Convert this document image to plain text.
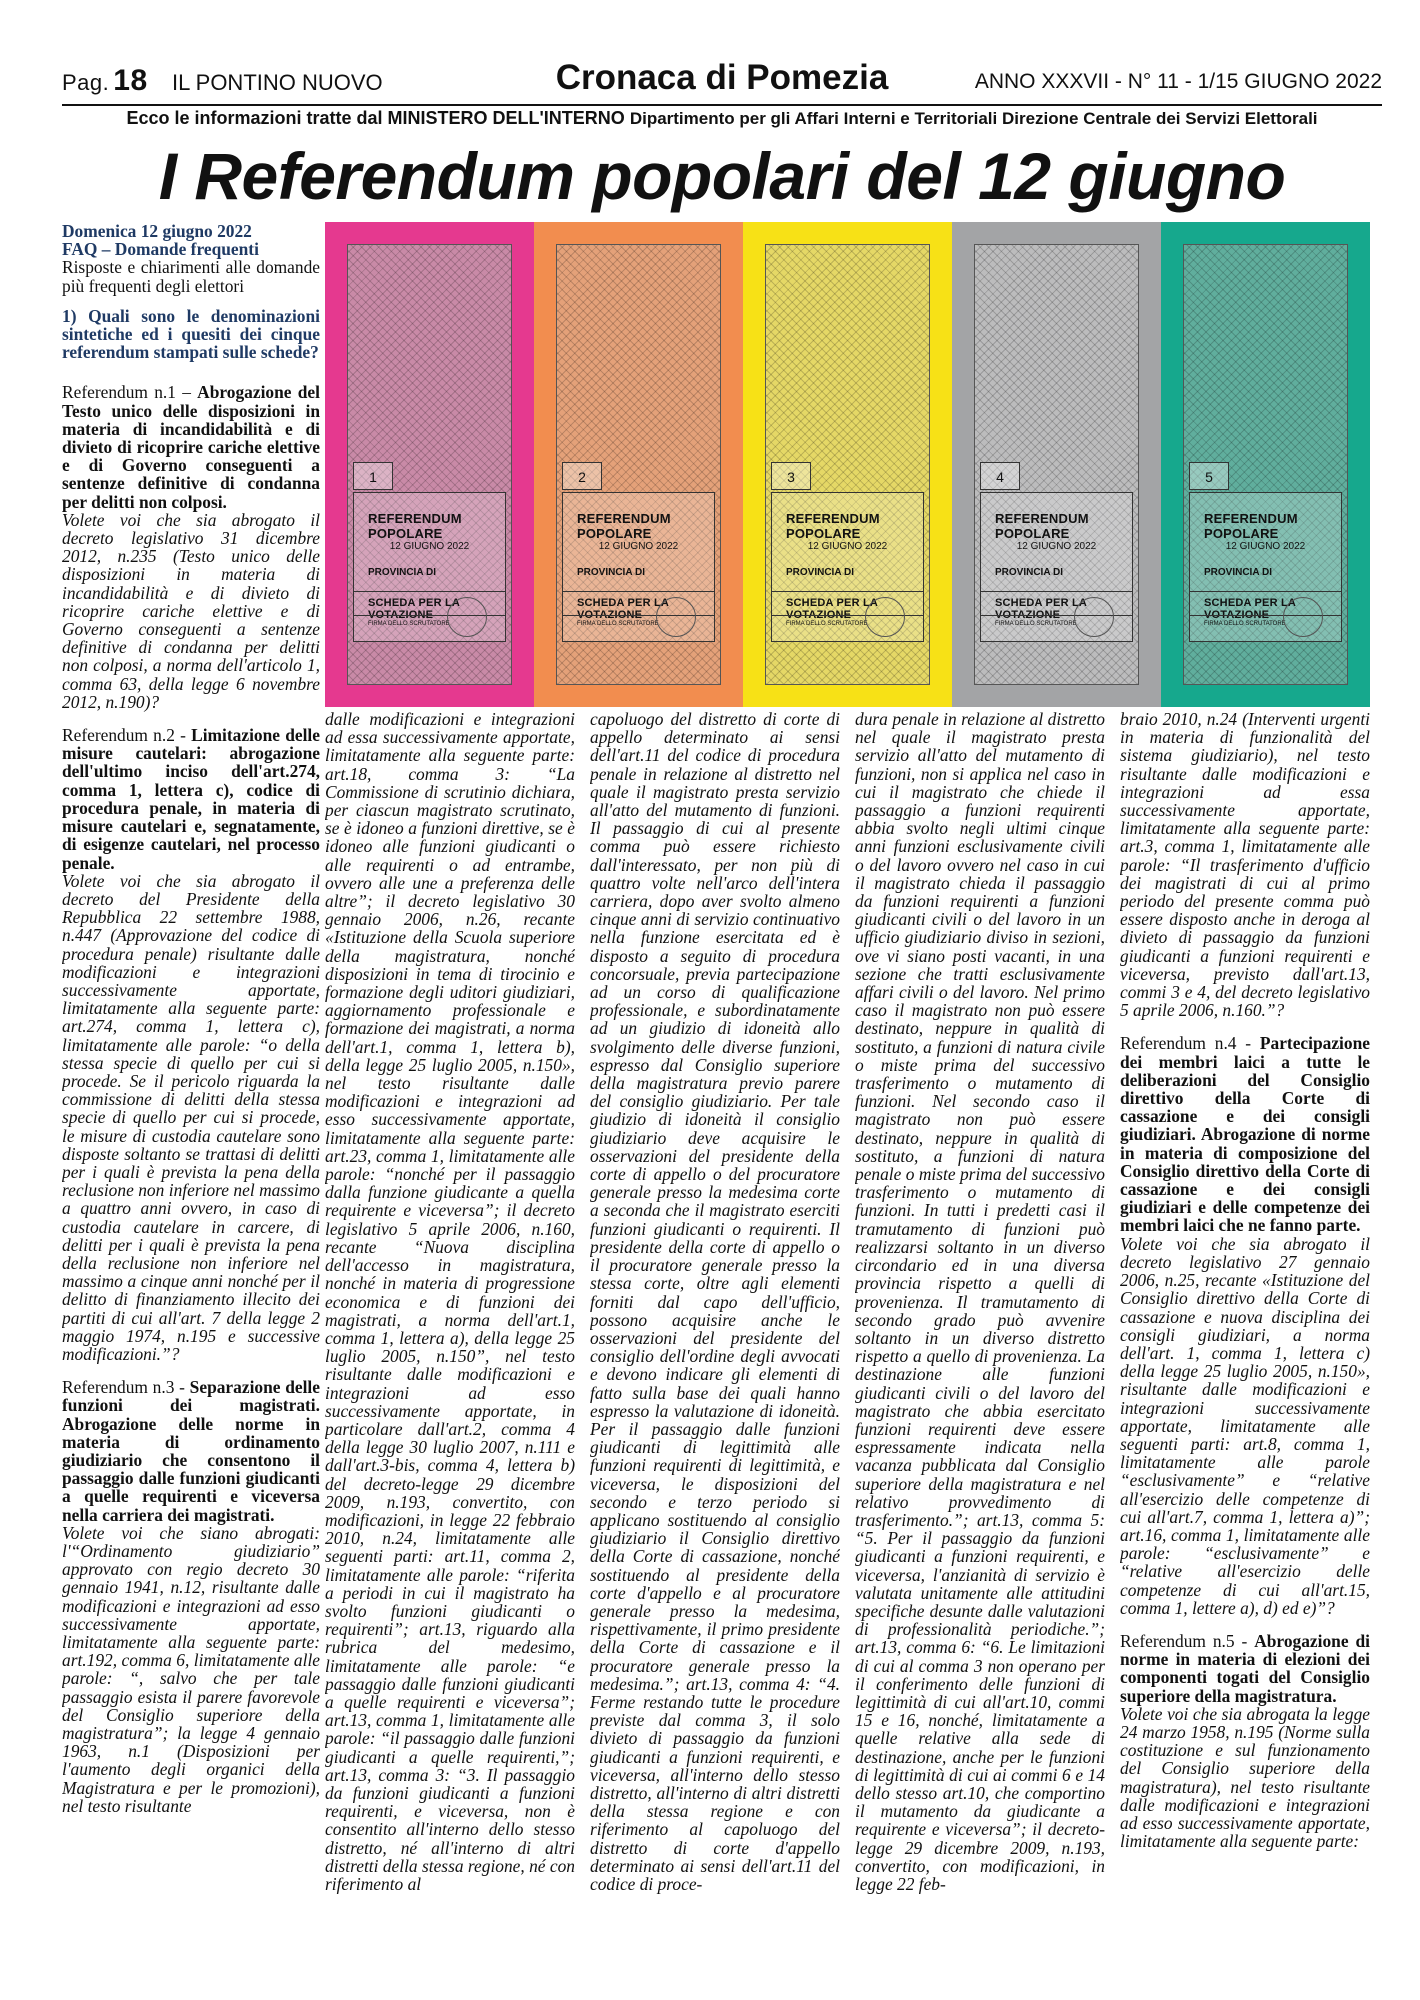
Pag. 18 IL PONTINO NUOVO	Cronaca di Pomezia	ANNO XXXVII - N° 11 - 1/15 GIUGNO 2022
Ecco le informazioni tratte dal MINISTERO DELL'INTERNO Dipartimento per gli Affari Interni e Territoriali Direzione Centrale dei Servizi Elettorali
I Referendum popolari del 12 giugno
1
REFERENDUM POPOLARE
12 GIUGNO 2022
PROVINCIA DI
SCHEDA PER LA VOTAZIONE
FIRMA DELLO SCRUTATORE
2
REFERENDUM POPOLARE
12 GIUGNO 2022
PROVINCIA DI
SCHEDA PER LA VOTAZIONE
FIRMA DELLO SCRUTATORE
3
REFERENDUM POPOLARE
12 GIUGNO 2022
PROVINCIA DI
SCHEDA PER LA VOTAZIONE
FIRMA DELLO SCRUTATORE
4
REFERENDUM POPOLARE
12 GIUGNO 2022
PROVINCIA DI
SCHEDA PER LA VOTAZIONE
FIRMA DELLO SCRUTATORE
5
REFERENDUM POPOLARE
12 GIUGNO 2022
PROVINCIA DI
SCHEDA PER LA VOTAZIONE
FIRMA DELLO SCRUTATORE

Domenica 12 giugno 2022
FAQ – Domande frequenti
Risposte e chiarimenti alle domande più frequenti degli elettori

1) Quali sono le denominazioni sintetiche ed i quesiti dei cinque referendum stampati sulle schede?

Referendum n.1 – Abrogazione del Testo unico delle disposizioni in materia di incandidabilità e di divieto di ricoprire cariche elettive e di Governo conseguenti a sentenze definitive di condanna per delitti non colposi.
Volete voi che sia abrogato il decreto legislativo 31 dicembre 2012, n.235 (Testo unico delle disposizioni in materia di incandidabilità e di divieto di ricoprire cariche elettive e di Governo conseguenti a sentenze definitive di condanna per delitti non colposi, a norma dell'articolo 1, comma 63, della legge 6 novembre 2012, n.190)?

Referendum n.2 - Limitazione delle misure cautelari: abrogazione dell'ultimo inciso dell'art.274, comma 1, lettera c), codice di procedura penale, in materia di misure cautelari e, segnatamente, di esigenze cautelari, nel processo penale.
Volete voi che sia abrogato il decreto del Presidente della Repubblica 22 settembre 1988, n.447 (Approvazione del codice di procedura penale) risultante dalle modificazioni e integrazioni successivamente apportate, limitatamente alla seguente parte: art.274, comma 1, lettera c), limitatamente alle parole: “o della stessa specie di quello per cui si procede. Se il pericolo riguarda la commissione di delitti della stessa specie di quello per cui si procede, le misure di custodia cautelare sono disposte soltanto se trattasi di delitti per i quali è prevista la pena della reclusione non inferiore nel massimo a quattro anni ovvero, in caso di custodia cautelare in carcere, di delitti per i quali è prevista la pena della reclusione non inferiore nel massimo a cinque anni nonché per il delitto di finanziamento illecito dei partiti di cui all'art. 7 della legge 2 maggio 1974, n.195 e successive modificazioni.”?

Referendum n.3 - Separazione delle funzioni dei magistrati. Abrogazione delle norme in materia di ordinamento giudiziario che consentono il passaggio dalle funzioni giudicanti a quelle requirenti e viceversa nella carriera dei magistrati.
Volete voi che siano abrogati: l'“Ordinamento giudiziario” approvato con regio decreto 30 gennaio 1941, n.12, risultante dalle modificazioni e integrazioni ad esso successivamente apportate, limitatamente alla seguente parte: art.192, comma 6, limitatamente alle parole: “, salvo che per tale passaggio esista il parere favorevole del Consiglio superiore della magistratura”; la legge 4 gennaio 1963, n.1 (Disposizioni per l'aumento degli organici della Magistratura e per le promozioni), nel testo risultante

dalle modificazioni e integrazioni ad essa successivamente apportate, limitatamente alla seguente parte: art.18, comma 3: “La Commissione di scrutinio dichiara, per ciascun magistrato scrutinato, se è idoneo a funzioni direttive, se è idoneo alle funzioni giudicanti o alle requirenti o ad entrambe, ovvero alle une a preferenza delle altre”; il decreto legislativo 30 gennaio 2006, n.26, recante «Istituzione della Scuola superiore della magistratura, nonché disposizioni in tema di tirocinio e formazione degli uditori giudiziari, aggiornamento professionale e formazione dei magistrati, a norma dell'art.1, comma 1, lettera b), della legge 25 luglio 2005, n.150», nel testo risultante dalle modificazioni e integrazioni ad esso successivamente apportate, limitatamente alla seguente parte: art.23, comma 1, limitatamente alle parole: “nonché per il passaggio dalla funzione giudicante a quella requirente e viceversa”; il decreto legislativo 5 aprile 2006, n.160, recante “Nuova disciplina dell'accesso in magistratura, nonché in materia di progressione economica e di funzioni dei magistrati, a norma dell'art.1, comma 1, lettera a), della legge 25 luglio 2005, n.150”, nel testo risultante dalle modificazioni e integrazioni ad esso successivamente apportate, in particolare dall'art.2, comma 4 della legge 30 luglio 2007, n.111 e dall'art.3-bis, comma 4, lettera b) del decreto-legge 29 dicembre 2009, n.193, convertito, con modificazioni, in legge 22 febbraio 2010, n.24, limitatamente alle seguenti parti: art.11, comma 2, limitatamente alle parole: “riferita a periodi in cui il magistrato ha svolto funzioni giudicanti o requirenti”; art.13, riguardo alla rubrica del medesimo, limitatamente alle parole: “e passaggio dalle funzioni giudicanti a quelle requirenti e viceversa”; art.13, comma 1, limitatamente alle parole: “il passaggio dalle funzioni giudicanti a quelle requirenti,”; art.13, comma 3: “3. Il passaggio da funzioni giudicanti a funzioni requirenti, e viceversa, non è consentito all'interno dello stesso distretto, né all'interno di altri distretti della stessa regione, né con riferimento al

capoluogo del distretto di corte di appello determinato ai sensi dell'art.11 del codice di procedura penale in relazione al distretto nel quale il magistrato presta servizio all'atto del mutamento di funzioni. Il passaggio di cui al presente comma può essere richiesto dall'interessato, per non più di quattro volte nell'arco dell'intera carriera, dopo aver svolto almeno cinque anni di servizio continuativo nella funzione esercitata ed è disposto a seguito di procedura concorsuale, previa partecipazione ad un corso di qualificazione professionale, e subordinatamente ad un giudizio di idoneità allo svolgimento delle diverse funzioni, espresso dal Consiglio superiore della magistratura previo parere del consiglio giudiziario. Per tale giudizio di idoneità il consiglio giudiziario deve acquisire le osservazioni del presidente della corte di appello o del procuratore generale presso la medesima corte a seconda che il magistrato eserciti funzioni giudicanti o requirenti. Il presidente della corte di appello o il procuratore generale presso la stessa corte, oltre agli elementi forniti dal capo dell'ufficio, possono acquisire anche le osservazioni del presidente del consiglio dell'ordine degli avvocati e devono indicare gli elementi di fatto sulla base dei quali hanno espresso la valutazione di idoneità. Per il passaggio dalle funzioni giudicanti di legittimità alle funzioni requirenti di legittimità, e viceversa, le disposizioni del secondo e terzo periodo si applicano sostituendo al consiglio giudiziario il Consiglio direttivo della Corte di cassazione, nonché sostituendo al presidente della corte d'appello e al procuratore generale presso la medesima, rispettivamente, il primo presidente della Corte di cassazione e il procuratore generale presso la medesima.”; art.13, comma 4: “4. Ferme restando tutte le procedure previste dal comma 3, il solo divieto di passaggio da funzioni giudicanti a funzioni requirenti, e viceversa, all'interno dello stesso distretto, all'interno di altri distretti della stessa regione e con riferimento al capoluogo del distretto di corte d'appello determinato ai sensi dell'art.11 del codice di proce-

dura penale in relazione al distretto nel quale il magistrato presta servizio all'atto del mutamento di funzioni, non si applica nel caso in cui il magistrato che chiede il passaggio a funzioni requirenti abbia svolto negli ultimi cinque anni funzioni esclusivamente civili o del lavoro ovvero nel caso in cui il magistrato chieda il passaggio da funzioni requirenti a funzioni giudicanti civili o del lavoro in un ufficio giudiziario diviso in sezioni, ove vi siano posti vacanti, in una sezione che tratti esclusivamente affari civili o del lavoro. Nel primo caso il magistrato non può essere destinato, neppure in qualità di sostituto, a funzioni di natura civile o miste prima del successivo trasferimento o mutamento di funzioni. Nel secondo caso il magistrato non può essere destinato, neppure in qualità di sostituto, a funzioni di natura penale o miste prima del successivo trasferimento o mutamento di funzioni. In tutti i predetti casi il tramutamento di funzioni può realizzarsi soltanto in un diverso circondario ed in una diversa provincia rispetto a quelli di provenienza. Il tramutamento di secondo grado può avvenire soltanto in un diverso distretto rispetto a quello di provenienza. La destinazione alle funzioni giudicanti civili o del lavoro del magistrato che abbia esercitato funzioni requirenti deve essere espressamente indicata nella vacanza pubblicata dal Consiglio superiore della magistratura e nel relativo provvedimento di trasferimento.”; art.13, comma 5: “5. Per il passaggio da funzioni giudicanti a funzioni requirenti, e viceversa, l'anzianità di servizio è valutata unitamente alle attitudini specifiche desunte dalle valutazioni di professionalità periodiche.”; art.13, comma 6: “6. Le limitazioni di cui al comma 3 non operano per il conferimento delle funzioni di legittimità di cui all'art.10, commi 15 e 16, nonché, limitatamente a quelle relative alla sede di destinazione, anche per le funzioni di legittimità di cui ai commi 6 e 14 dello stesso art.10, che comportino il mutamento da giudicante a requirente e viceversa”; il decreto-legge 29 dicembre 2009, n.193, convertito, con modificazioni, in legge 22 feb-

braio 2010, n.24 (Interventi urgenti in materia di funzionalità del sistema giudiziario), nel testo risultante dalle modificazioni e integrazioni ad essa successivamente apportate, limitatamente alla seguente parte: art.3, comma 1, limitatamente alle parole: “Il trasferimento d'ufficio dei magistrati di cui al primo periodo del presente comma può essere disposto anche in deroga al divieto di passaggio da funzioni giudicanti a funzioni requirenti e viceversa, previsto dall'art.13, commi 3 e 4, del decreto legislativo 5 aprile 2006, n.160.”?

Referendum n.4 - Partecipazione dei membri laici a tutte le deliberazioni del Consiglio direttivo della Corte di cassazione e dei consigli giudiziari. Abrogazione di norme in materia di composizione del Consiglio direttivo della Corte di cassazione e dei consigli giudiziari e delle competenze dei membri laici che ne fanno parte.
Volete voi che sia abrogato il decreto legislativo 27 gennaio 2006, n.25, recante «Istituzione del Consiglio direttivo della Corte di cassazione e nuova disciplina dei consigli giudiziari, a norma dell'art. 1, comma 1, lettera c) della legge 25 luglio 2005, n.150», risultante dalle modificazioni e integrazioni successivamente apportate, limitatamente alle seguenti parti: art.8, comma 1, limitatamente alle parole “esclusivamente” e “relative all'esercizio delle competenze di cui all'art.7, comma 1, lettera a)”; art.16, comma 1, limitatamente alle parole: “esclusivamente” e “relative all'esercizio delle competenze di cui all'art.15, comma 1, lettere a), d) ed e)”?

Referendum n.5 - Abrogazione di norme in materia di elezioni dei componenti togati del Consiglio superiore della magistratura.
Volete voi che sia abrogata la legge 24 marzo 1958, n.195 (Norme sulla costituzione e sul funzionamento del Consiglio superiore della magistratura), nel testo risultante dalle modificazioni e integrazioni ad esso successivamente apportate, limitatamente alla seguente parte:
